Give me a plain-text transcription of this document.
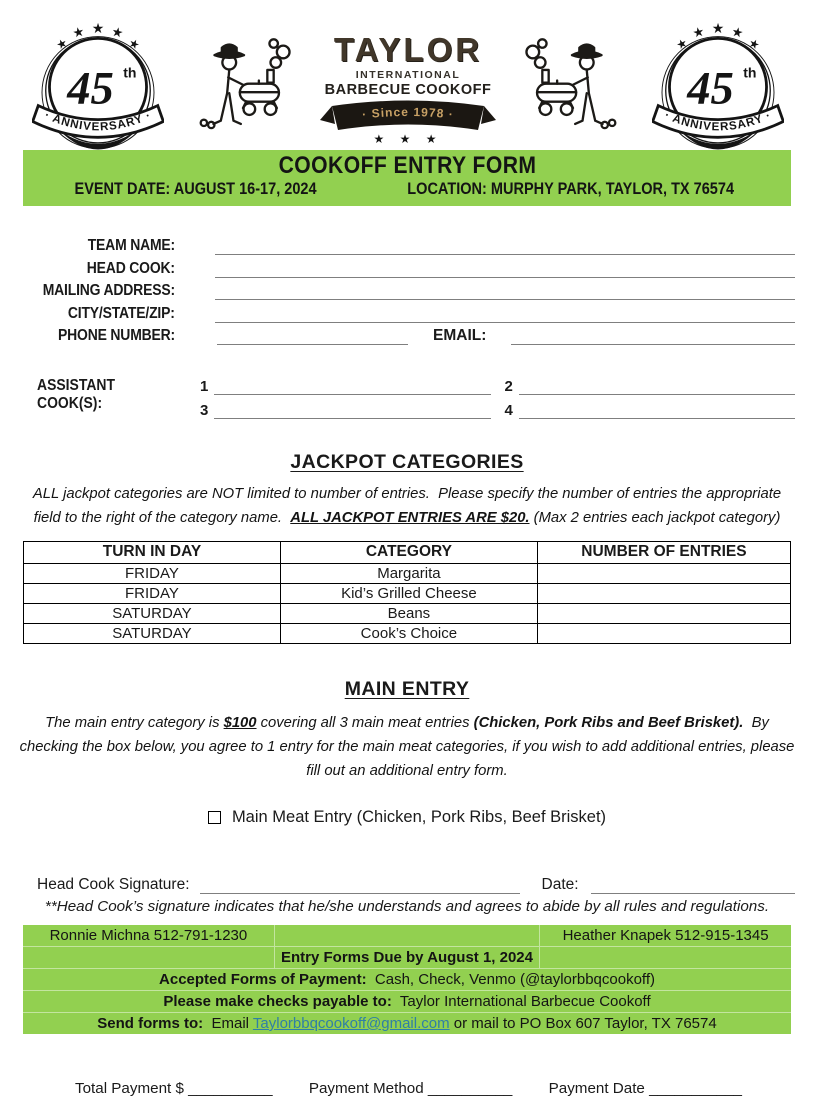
★
★ ★ ★
★
45 th
· ANNIVERSARY ·
TAYLOR
INTERNATIONAL
BARBECUE COOKOFF
· Since 1978 ·
★ ★ ★
★
★ ★ ★
★
45 th
· ANNIVERSARY ·
COOKOFF ENTRY FORM
EVENT DATE: AUGUST 16-17, 2024	LOCATION: MURPHY PARK, TAYLOR, TX 76574
TEAM NAME:
HEAD COOK:
MAILING ADDRESS:
CITY/STATE/ZIP:
PHONE NUMBER:	EMAIL:
ASSISTANT COOK(S):
1	2
3	4
JACKPOT CATEGORIES
ALL jackpot categories are NOT limited to number of entries.  Please specify the number of entries the appropriate field to the right of the category name.  ALL JACKPOT ENTRIES ARE $20. (Max 2 entries each jackpot category)
TURN IN DAY	CATEGORY	NUMBER OF ENTRIES
FRIDAY	Margarita	
FRIDAY	Kid’s Grilled Cheese	
SATURDAY	Beans	
SATURDAY	Cook’s Choice	
MAIN ENTRY
The main entry category is $100 covering all 3 main meat entries (Chicken, Pork Ribs and Beef Brisket).  By checking the box below, you agree to 1 entry for the main meat categories, if you wish to add additional entries, please fill out an additional entry form.
Main Meat Entry (Chicken, Pork Ribs, Beef Brisket)
Head Cook Signature:	Date:
**Head Cook’s signature indicates that he/she understands and agrees to abide by all rules and regulations.
Ronnie Michna 512-791-1230	Heather Knapek 512-915-1345
Entry Forms Due by August 1, 2024
Accepted Forms of Payment:  Cash, Check, Venmo (@taylorbbqcookoff)
Please make checks payable to:  Taylor International Barbecue Cookoff
Send forms to:  Email Taylorbbqcookoff@gmail.com or mail to PO Box 607 Taylor, TX 76574
Total Payment $ __________ Payment Method __________ Payment Date ___________
